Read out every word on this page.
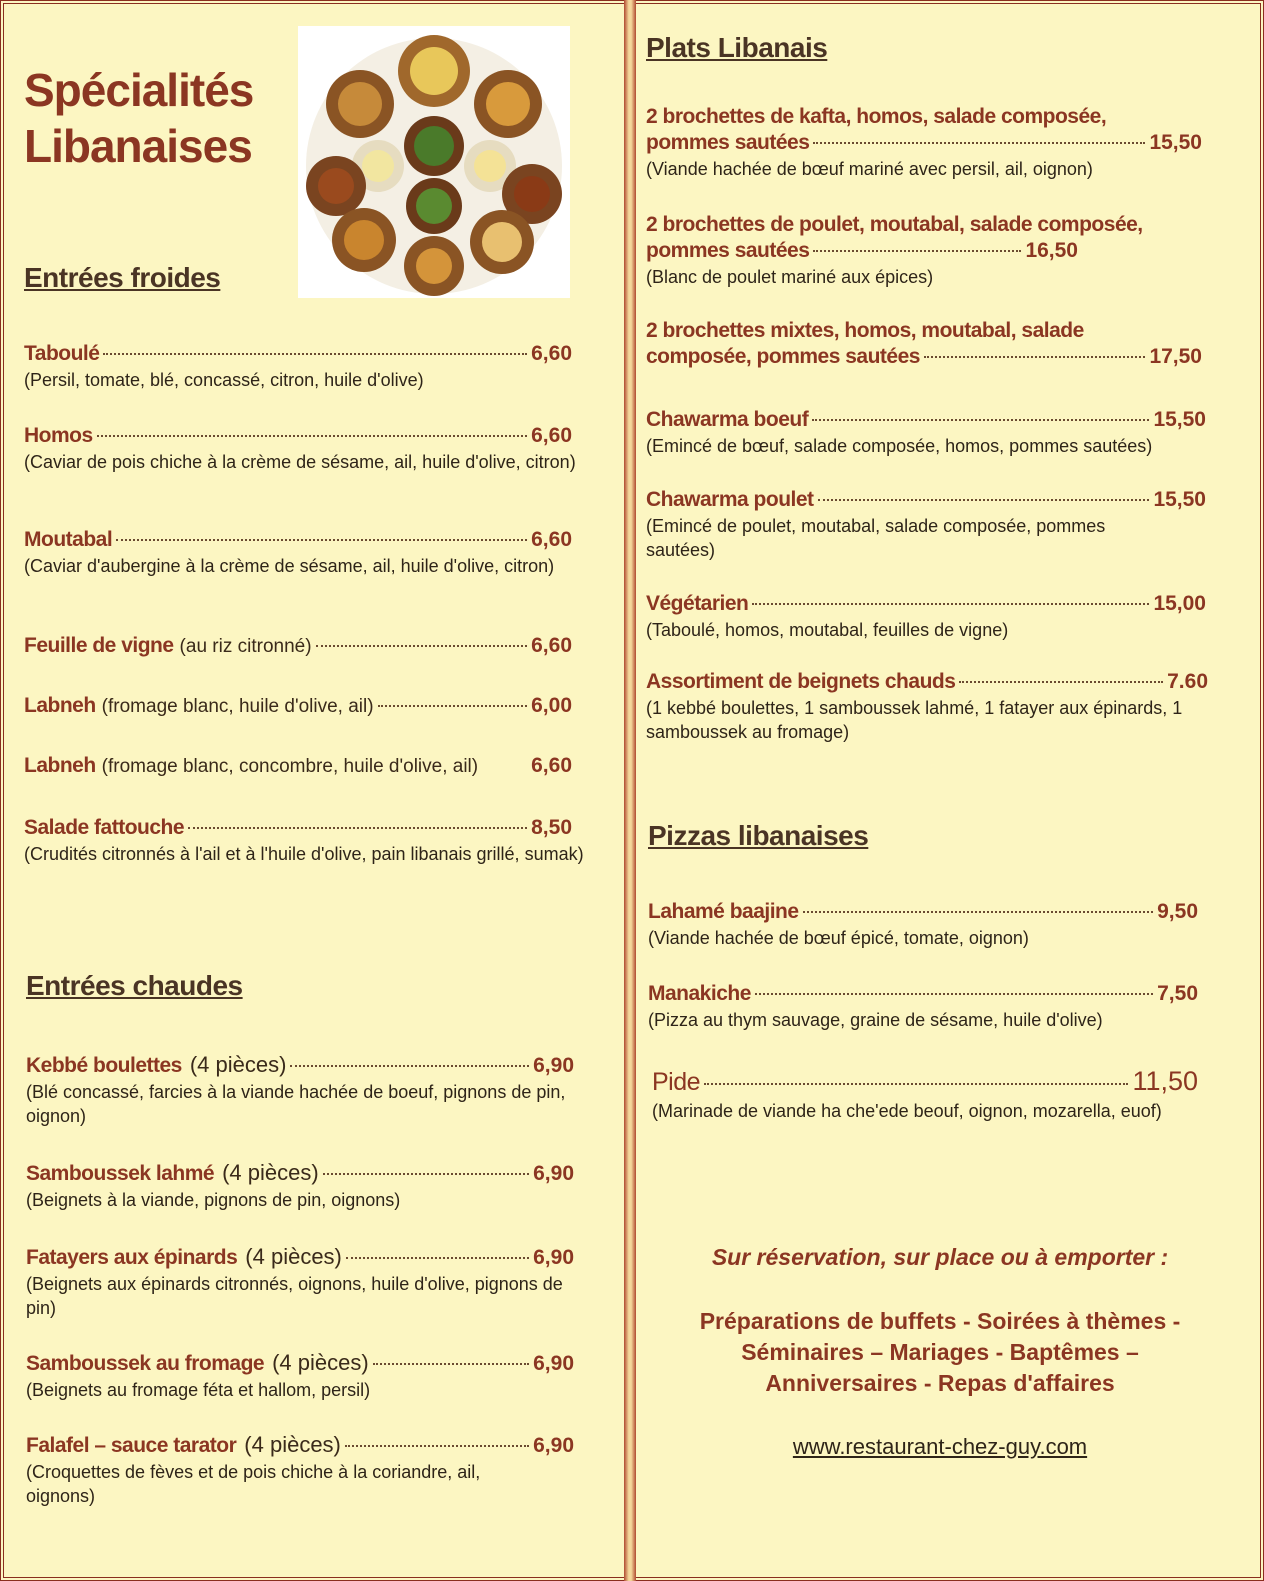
Spécialités
Libanaises
Entrées froides
Taboulé	6,60
(Persil, tomate, blé, concassé, citron, huile d'olive)
Homos	6,60
(Caviar de pois chiche à la crème de sésame, ail, huile d'olive, citron)
Moutabal	6,60
(Caviar d'aubergine à la crème de sésame, ail, huile d'olive, citron)
Feuille de vigne (au riz citronné)	6,60
Labneh (fromage blanc, huile d'olive, ail)	6,00
Labneh (fromage blanc, concombre, huile d'olive, ail)	6,60
Salade fattouche	8,50
(Crudités citronnés à l'ail et à l'huile d'olive, pain libanais grillé, sumak)
Entrées chaudes
Kebbé boulettes (4 pièces)	6,90
(Blé concassé, farcies à la viande hachée de boeuf, pignons de pin, oignon)
Samboussek lahmé (4 pièces)	6,90
(Beignets à la viande, pignons de pin, oignons)
Fatayers aux épinards (4 pièces)	6,90
(Beignets aux épinards citronnés, oignons, huile d'olive, pignons de pin)
Samboussek au fromage (4 pièces)	6,90
(Beignets au fromage féta et hallom, persil)
Falafel – sauce tarator (4 pièces)	6,90
(Croquettes de fèves et de pois chiche à la coriandre, ail, oignons)
Plats Libanais
2 brochettes de kafta, homos, salade composée,
pommes sautées	15,50
(Viande hachée de bœuf mariné avec persil, ail, oignon)
2 brochettes de poulet, moutabal, salade composée,
pommes sautées	16,50
(Blanc de poulet mariné aux épices)
2 brochettes mixtes, homos, moutabal, salade
composée, pommes sautées	17,50
Chawarma boeuf	15,50
(Emincé de bœuf, salade composée, homos, pommes sautées)
Chawarma poulet	15,50
(Emincé de poulet, moutabal, salade composée, pommes sautées)
Végétarien	15,00
(Taboulé, homos, moutabal, feuilles de vigne)
Assortiment de beignets chauds	7.60
(1 kebbé boulettes, 1 samboussek lahmé, 1 fatayer aux épinards, 1 samboussek au fromage)
Pizzas libanaises
Lahamé baajine	9,50
(Viande hachée de bœuf épicé, tomate, oignon)
Manakiche	7,50
(Pizza au thym sauvage, graine de sésame, huile d'olive)
Pide	11,50
(Marinade de viande ha che'ede beouf, oignon, mozarella, euof)
Sur réservation, sur place ou à emporter :
Préparations de buffets - Soirées à thèmes -
Séminaires – Mariages - Baptêmes –
Anniversaires - Repas d'affaires
www.restaurant-chez-guy.com
